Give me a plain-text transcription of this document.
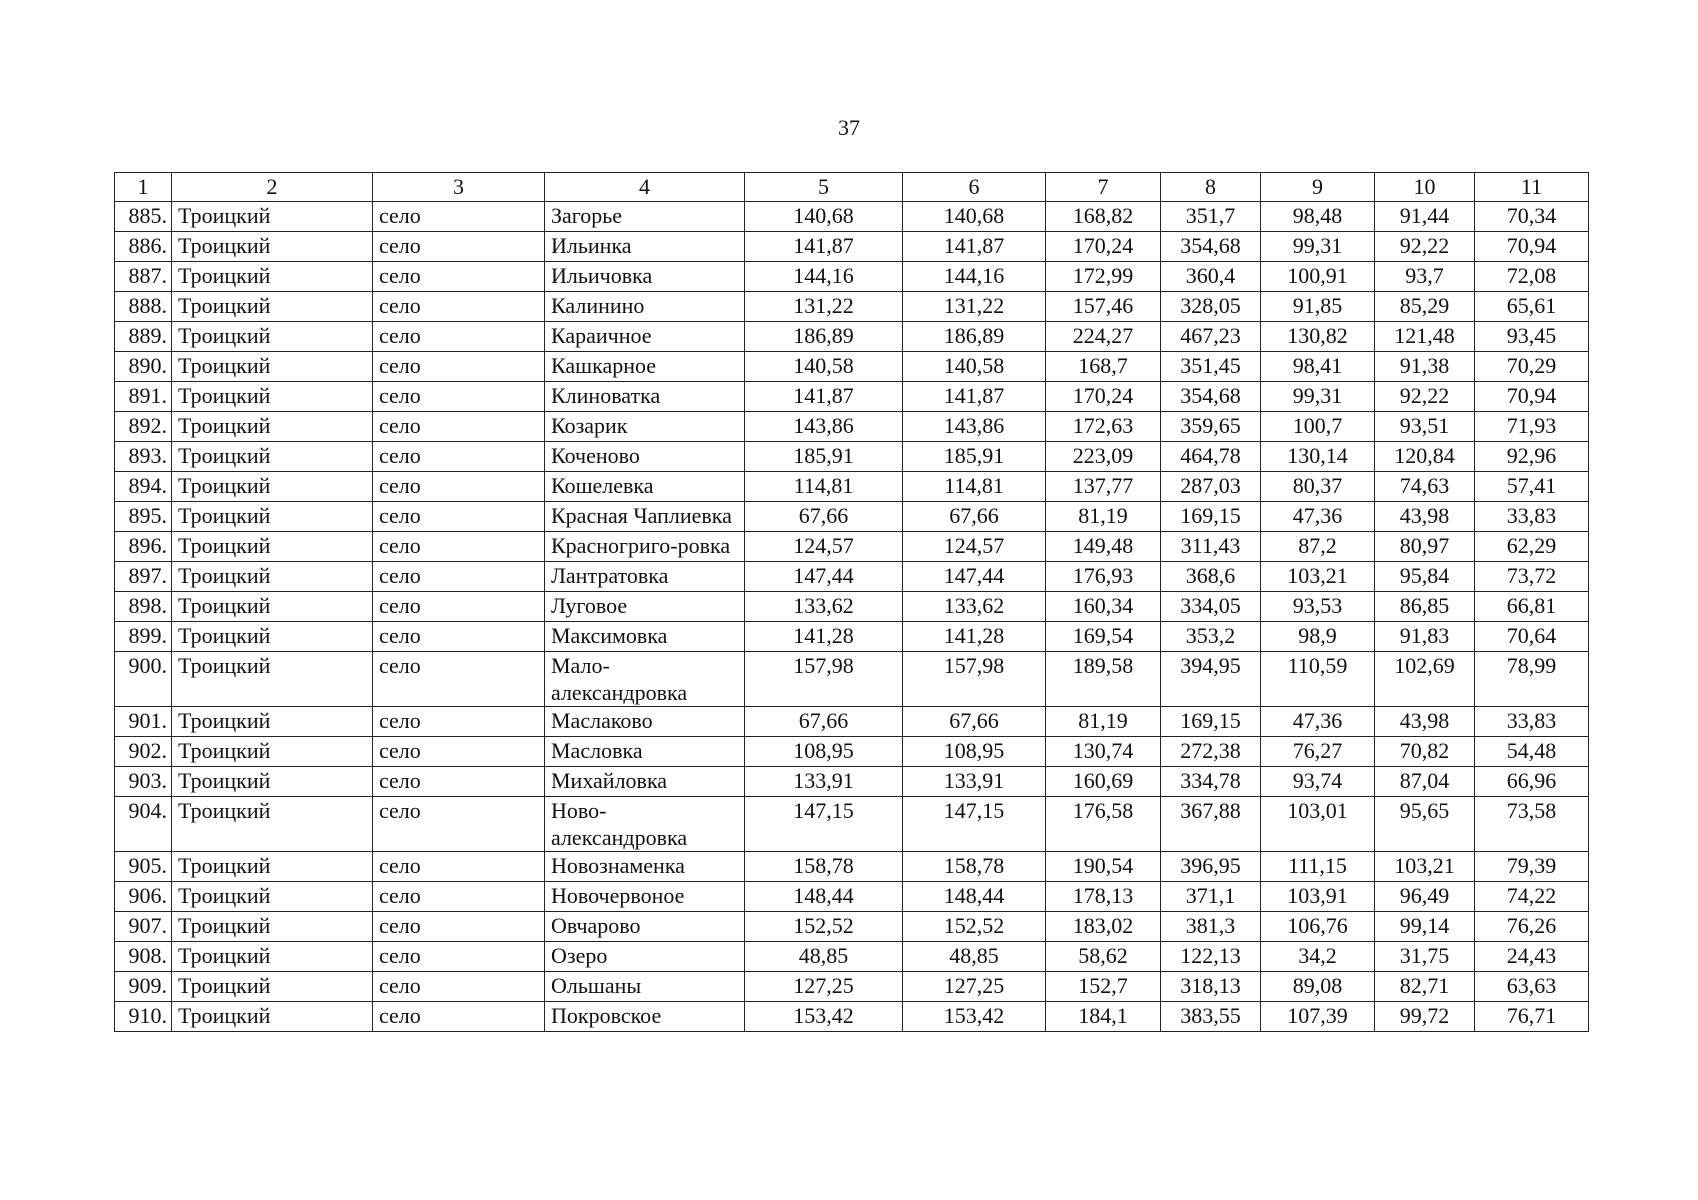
37
1	2	3	4	5	6	7	8	9	10	11
885.	Троицкий	село	Загорье	140,68	140,68	168,82	351,7	98,48	91,44	70,34
886.	Троицкий	село	Ильинка	141,87	141,87	170,24	354,68	99,31	92,22	70,94
887.	Троицкий	село	Ильичовка	144,16	144,16	172,99	360,4	100,91	93,7	72,08
888.	Троицкий	село	Калинино	131,22	131,22	157,46	328,05	91,85	85,29	65,61
889.	Троицкий	село	Караичное	186,89	186,89	224,27	467,23	130,82	121,48	93,45
890.	Троицкий	село	Кашкарное	140,58	140,58	168,7	351,45	98,41	91,38	70,29
891.	Троицкий	село	Клиноватка	141,87	141,87	170,24	354,68	99,31	92,22	70,94
892.	Троицкий	село	Козарик	143,86	143,86	172,63	359,65	100,7	93,51	71,93
893.	Троицкий	село	Коченово	185,91	185,91	223,09	464,78	130,14	120,84	92,96
894.	Троицкий	село	Кошелевка	114,81	114,81	137,77	287,03	80,37	74,63	57,41
895.	Троицкий	село	Красная Чаплиевка	67,66	67,66	81,19	169,15	47,36	43,98	33,83
896.	Троицкий	село	Красногриго-ровка	124,57	124,57	149,48	311,43	87,2	80,97	62,29
897.	Троицкий	село	Лантратовка	147,44	147,44	176,93	368,6	103,21	95,84	73,72
898.	Троицкий	село	Луговое	133,62	133,62	160,34	334,05	93,53	86,85	66,81
899.	Троицкий	село	Максимовка	141,28	141,28	169,54	353,2	98,9	91,83	70,64
900.	Троицкий	село	Мало-александровка	157,98	157,98	189,58	394,95	110,59	102,69	78,99
901.	Троицкий	село	Маслаково	67,66	67,66	81,19	169,15	47,36	43,98	33,83
902.	Троицкий	село	Масловка	108,95	108,95	130,74	272,38	76,27	70,82	54,48
903.	Троицкий	село	Михайловка	133,91	133,91	160,69	334,78	93,74	87,04	66,96
904.	Троицкий	село	Ново-александровка	147,15	147,15	176,58	367,88	103,01	95,65	73,58
905.	Троицкий	село	Новознаменка	158,78	158,78	190,54	396,95	111,15	103,21	79,39
906.	Троицкий	село	Новочервоное	148,44	148,44	178,13	371,1	103,91	96,49	74,22
907.	Троицкий	село	Овчарово	152,52	152,52	183,02	381,3	106,76	99,14	76,26
908.	Троицкий	село	Озеро	48,85	48,85	58,62	122,13	34,2	31,75	24,43
909.	Троицкий	село	Ольшаны	127,25	127,25	152,7	318,13	89,08	82,71	63,63
910.	Троицкий	село	Покровское	153,42	153,42	184,1	383,55	107,39	99,72	76,71
